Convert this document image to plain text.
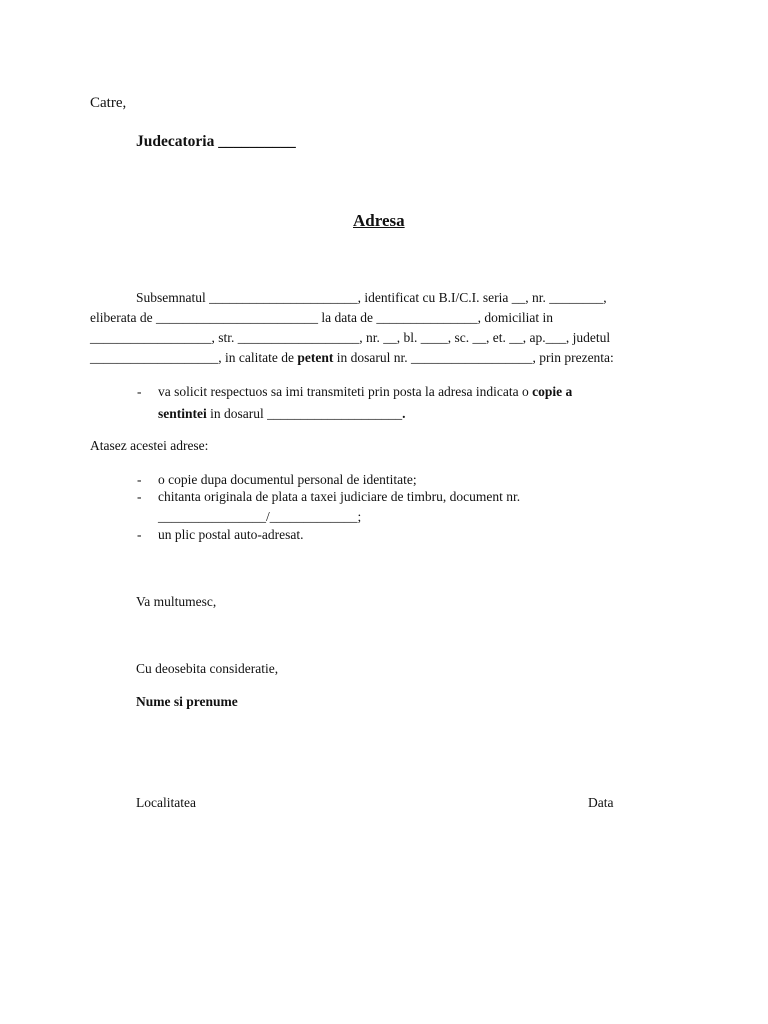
Catre,
Judecatoria __________
Adresa
Subsemnatul ______________________, identificat cu B.I/C.I. seria __, nr. ________,
eliberata de ________________________ la data de _______________, domiciliat in
__________________, str. __________________, nr. __, bl. ____, sc. __, et. __, ap.___, judetul
___________________, in calitate de petent in dosarul nr. __________________, prin prezenta:
- va solicit respectuos sa imi transmiteti prin posta la adresa indicata o copie a
sentintei in dosarul ____________________.
Atasez acestei adrese:
- o copie dupa documentul personal de identitate;
- chitanta originala de plata a taxei judiciare de timbru, document nr.
________________/_____________;
- un plic postal auto-adresat.
Va multumesc,
Cu deosebita consideratie,
Nume si prenume
Localitatea	Data
